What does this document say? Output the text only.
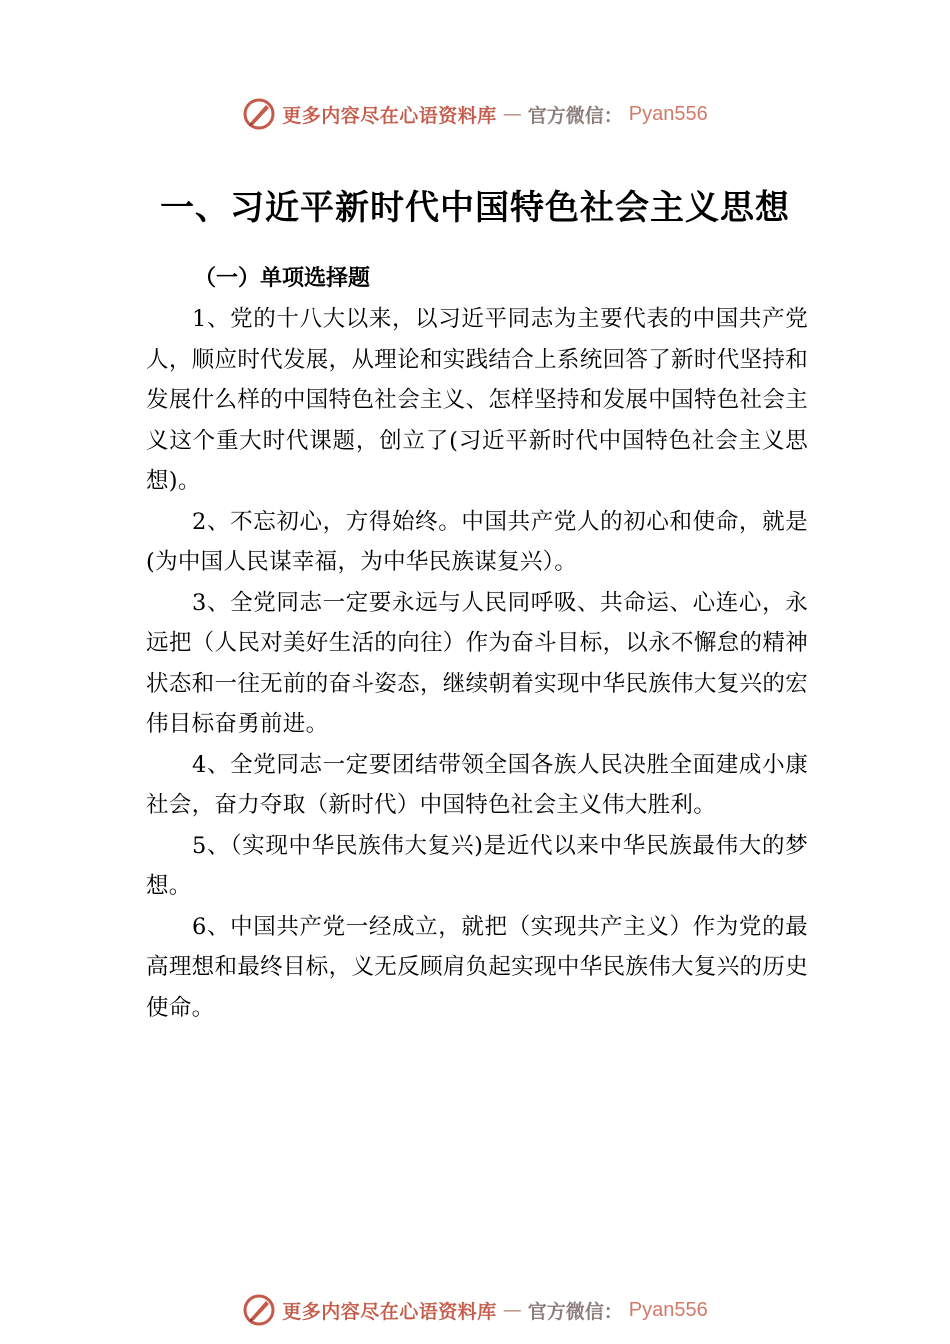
更多内容尽在心语资料库 — 官方微信： Pyan556
一、习近平新时代中国特色社会主义思想
（一）单项选择题

1、党的十八大以来，以习近平同志为主要代表的中国共产党人，顺应时代发展，从理论和实践结合上系统回答了新时代坚持和发展什么样的中国特色社会主义、怎样坚持和发展中国特色社会主义这个重大时代课题，创立了(习近平新时代中国特色社会主义思想)。

2、不忘初心，方得始终。中国共产党人的初心和使命，就是(为中国人民谋幸福，为中华民族谋复兴）。

3、全党同志一定要永远与人民同呼吸、共命运、心连心，永远把（人民对美好生活的向往）作为奋斗目标，以永不懈怠的精神状态和一往无前的奋斗姿态，继续朝着实现中华民族伟大复兴的宏伟目标奋勇前进。

4、全党同志一定要团结带领全国各族人民决胜全面建成小康社会，奋力夺取（新时代）中国特色社会主义伟大胜利。

5、（实现中华民族伟大复兴)是近代以来中华民族最伟大的梦想。

6、中国共产党一经成立，就把（实现共产主义）作为党的最高理想和最终目标，义无反顾肩负起实现中华民族伟大复兴的历史使命。

更多内容尽在心语资料库 — 官方微信： Pyan556
